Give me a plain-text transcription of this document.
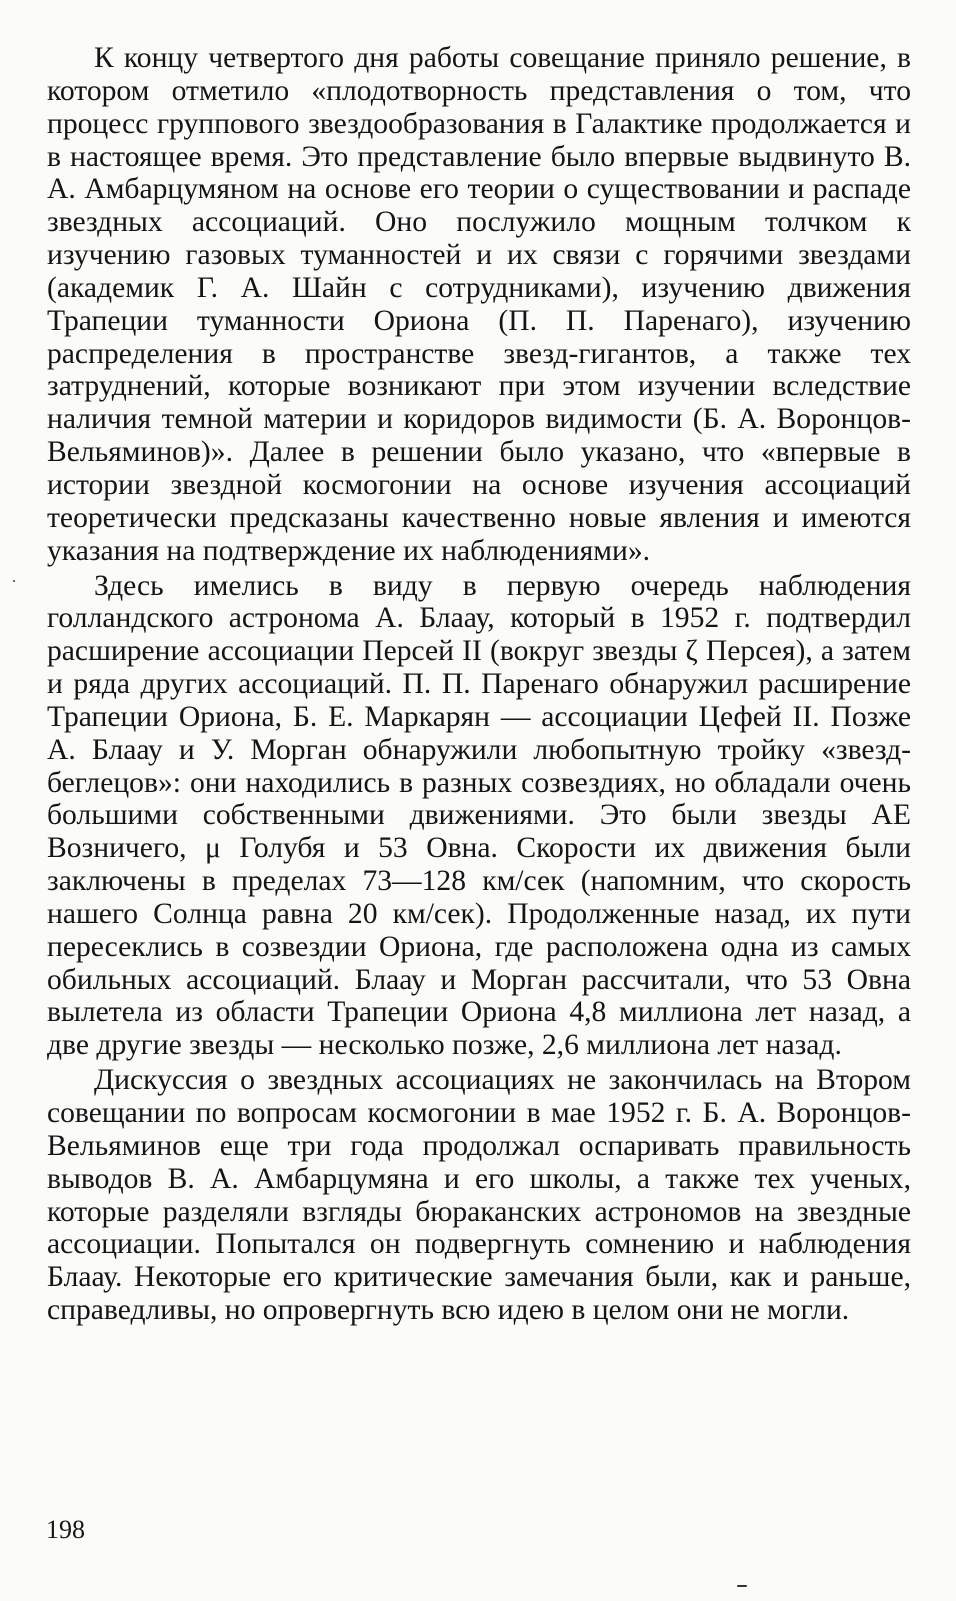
К концу четвертого дня работы совещание приняло решение, в котором отметило «плодотворность представления о том, что процесс группового звездообразования в Галактике продолжается и в настоящее время. Это представление было впервые выдвинуто В. А. Амбарцумяном на основе его теории о существовании и распаде звездных ассоциаций. Оно послужило мощным толчком к изучению газовых туманностей и их связи с горячими звездами (академик Г. А. Шайн с сотрудниками), изучению движения Трапеции туманности Ориона (П. П. Паренаго), изучению распределения в пространстве звезд-гигантов, а также тех затруднений, которые возникают при этом изучении вследствие наличия темной материи и коридоров видимости (Б. А. Воронцов-Вельяминов)». Далее в решении было указано, что «впервые в истории звездной космогонии на основе изучения ассоциаций теоретически предсказаны качественно новые явления и имеются указания на подтверждение их наблюдениями».

Здесь имелись в виду в первую очередь наблюдения голландского астронома А. Блаау, который в 1952 г. подтвердил расширение ассоциации Персей II (вокруг звезды ζ Персея), а затем и ряда других ассоциаций. П. П. Паренаго обнаружил расширение Трапеции Ориона, Б. Е. Маркарян — ассоциации Цефей II. Позже А. Блаау и У. Морган обнаружили любопытную тройку «звезд-беглецов»: они находились в разных созвездиях, но обладали очень большими собственными движениями. Это были звезды АЕ Возничего, μ Голубя и 53 Овна. Скорости их движения были заключены в пределах 73—128 км/сек (напомним, что скорость нашего Солнца равна 20 км/сек). Продолженные назад, их пути пересеклись в созвездии Ориона, где расположена одна из самых обильных ассоциаций. Блаау и Морган рассчитали, что 53 Овна вылетела из области Трапеции Ориона 4,8 миллиона лет назад, а две другие звезды — несколько позже, 2,6 миллиона лет назад.

Дискуссия о звездных ассоциациях не закончилась на Втором совещании по вопросам космогонии в мае 1952 г. Б. А. Воронцов-Вельяминов еще три года продолжал оспаривать правильность выводов В. А. Амбарцумяна и его школы, а также тех ученых, которые разделяли взгляды бюраканских астрономов на звездные ассоциации. Попытался он подвергнуть сомнению и наблюдения Блаау. Некоторые его критические замечания были, как и раньше, справедливы, но опровергнуть всю идею в целом они не могли.

198
